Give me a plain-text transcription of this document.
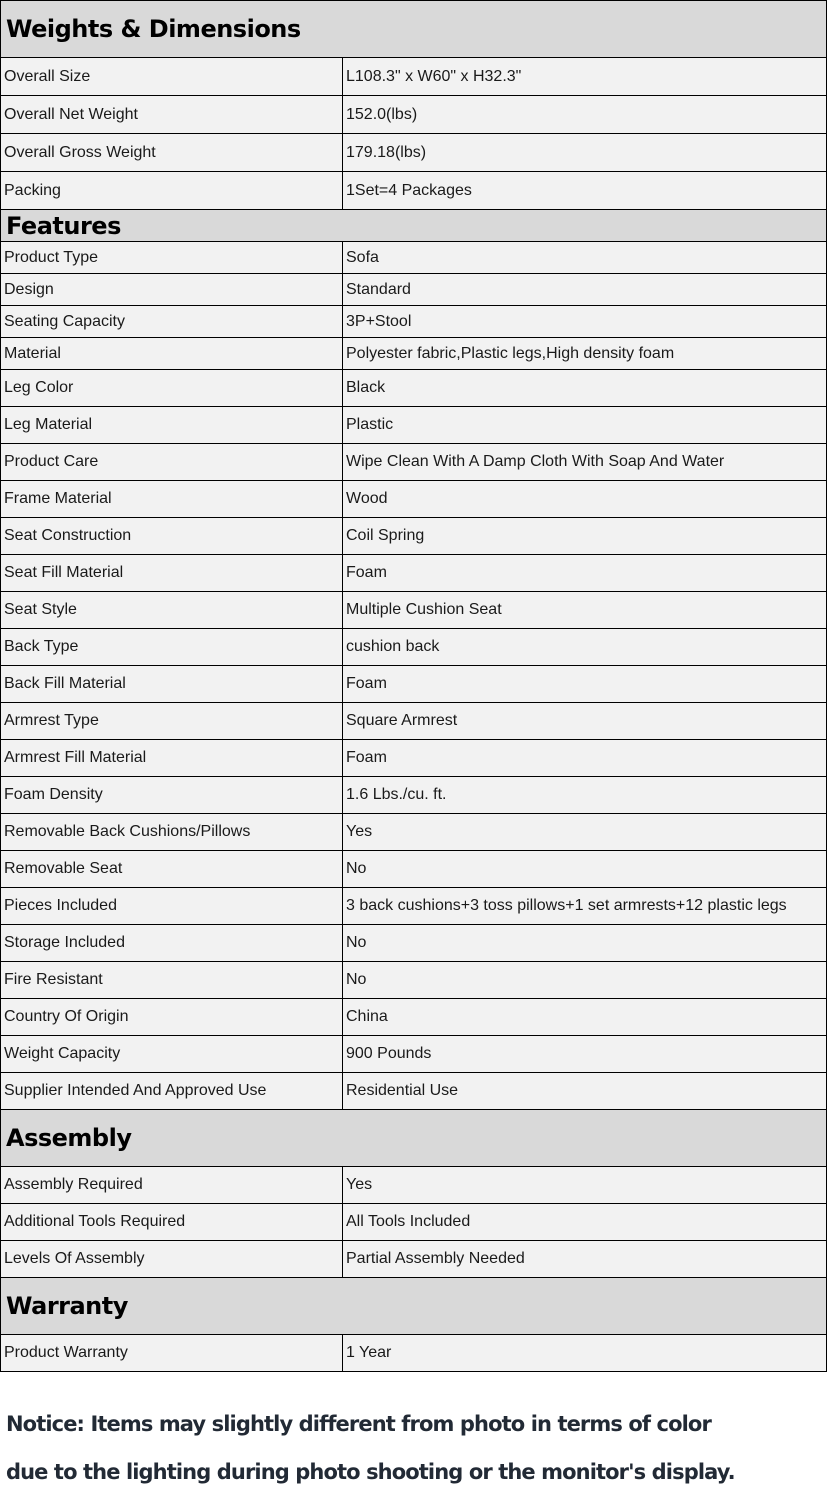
Weights & Dimensions	
Overall Size	L108.3" x W60" x H32.3"
Overall Net Weight	152.0(lbs)
Overall Gross Weight	179.18(lbs)
Packing	1Set=4 Packages
Features	
Product Type	Sofa
Design	Standard
Seating Capacity	3P+Stool
Material	Polyester fabric,Plastic legs,High density foam
Leg Color	Black
Leg Material	Plastic
Product Care	Wipe Clean With A Damp Cloth With Soap And Water
Frame Material	Wood
Seat Construction	Coil Spring
Seat Fill Material	Foam
Seat Style	Multiple Cushion Seat
Back Type	cushion back
Back Fill Material	Foam
Armrest Type	Square Armrest
Armrest Fill Material	Foam
Foam Density	1.6 Lbs./cu. ft.
Removable Back Cushions/Pillows	Yes
Removable Seat	No
Pieces Included	3 back cushions+3 toss pillows+1 set armrests+12 plastic legs
Storage Included	No
Fire Resistant	No
Country Of Origin	China
Weight Capacity	900 Pounds
Supplier Intended And Approved Use	Residential Use
Assembly	
Assembly Required	Yes
Additional Tools Required	All Tools Included
Levels Of Assembly	Partial Assembly Needed
Warranty	
Product Warranty	1 Year
Notice: Items may slightly different from photo in terms of color
due to the lighting during photo shooting or the monitor's display.
